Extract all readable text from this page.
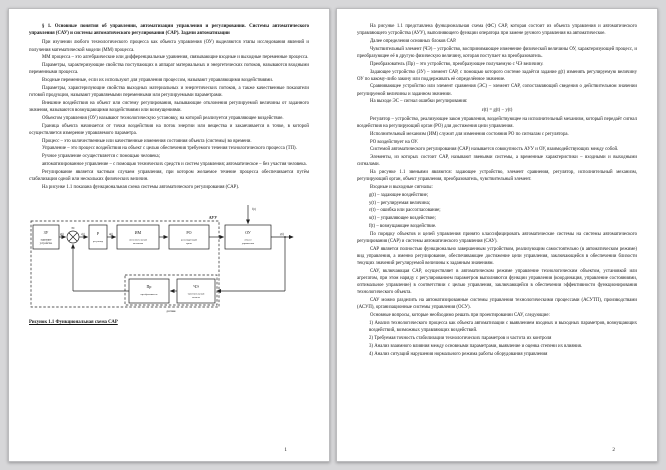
§ 1. Основные понятия об управлении, автоматизации управления и регулировании. Системы автоматического управления (САУ) и системы автоматического регулирования (САР). Задачи автоматизации
При изучении любого технологического процесса как объекта управления (ОУ) выделяются этапы исследования явлений и получения математической модели (ММ) процесса.
ММ процесса – это алгебраические или дифференциальные уравнения, связывающие входные и выходные переменные процесса.
Параметры, характеризующие свойства поступающих в аппарат материальных и энергетических потоков, называются входными переменными процесса.
Входные переменные, если их используют для управления процессом, называют управляющими воздействиями.
Параметры, характеризующие свойства выходных материальных и энергетических потоков, а также качественные показатели готовой продукции, называют управляемыми переменными или регулируемыми параметрами.
Внешние воздействия на объект или систему регулирования, вызывающие отклонения регулируемой величины от заданного значения, называются возмущающими воздействиями или возмущениями.
Объектом управления (ОУ) называют технологическую установку, на которой реализуется управляющее воздействие.
Граница объекта начинается от точки воздействия на поток энергии или вещества и заканчивается в точке, в которой осуществляется измерение управляемого параметра.
Процесс – это количественные или качественные изменения состояния объекта (системы) во времени.
Управление – это процесс воздействия на объект с целью обеспечения требуемого течения технологического процесса (ТП).
Ручное управление осуществляется с помощью человека;
автоматизированное управление – с помощью технических средств и систем управления; автоматическое – без участия человека.
Регулирование является частным случаем управления, при котором желаемое течение процесса обеспечивается путём стабилизации одной или нескольких физических величин.
На рисунке 1.1 показана функциональная схема системы автоматического регулирования (САР).
АУУ
f(t)
g(t)	ε(t)	u(t)	y(t)
ЗУ
задающее
устройство
ЭС
Р
регулятор
ИМ
исполнительный
механизм
РО
регулирующий
орган
ОУ
объект
управления
Пр
преобразователь
ЧЭ
чувствительный
элемент
датчик
Рисунок 1.1 Функциональная схема САР
1
На рисунке 1.1 представлена функциональная схема (ФС) САР, которая состоит из объекта управления и автоматического управляющего устройства (АУУ), выполняющего функции оператора при замене ручного управления на автоматическое.
Далее определения основных блоков САР.
Чувствительный элемент (ЧЭ) – устройство, воспринимающее изменение физической величины ОУ, характеризующей процесс, и преобразующее её в другую физическую величину, которая поступает на преобразователь.
Преобразователь (Пр) – это устройство, преобразующее получаемую с ЧЭ величину.
Задающее устройство (ЗУ) – элемент САР, с помощью которого системе задаётся задание g(t) изменять регулируемую величину ОУ по какому-либо закону или поддерживать её определённое значение.
Сравнивающее устройство или элемент сравнения (ЭС) – элемент САР, сопоставляющий сведения о действительном значении регулируемой величины и заданном значении.
На выходе ЭС – сигнал ошибки регулирования:
ε(t) = g(t) − y(t)
Регулятор – устройство, реализующее закон управления, воздействующее на исполнительный механизм, который передаёт сигнал воздействия на регулирующий орган (РО) для достижения цели управления.
Исполнительный механизм (ИМ) служит для изменения состояния РО по сигналам с регулятора.
РО воздействует на ОУ.
Системой автоматического регулирования (САР) называется совокупность АУУ и ОУ, взаимодействующих между собой.
Элементы, из которых состоит САР, называют звеньями системы, а временные характеристики – входными и выходными сигналами.
На рисунке 1.1 звеньями являются: задающее устройство, элемент сравнения, регулятор, исполнительный механизм, регулирующий орган, объект управления, преобразователь, чувствительный элемент.
Входные и выходные сигналы:
g(t) – задающее воздействие;
y(t) – регулируемая величина;
ε(t) – ошибка или рассогласование;
u(t) – управляющее воздействие;
f(t) – возмущающее воздействие.
По порядку объектов и целей управления принято классифицировать автоматические системы на системы автоматического регулирования (САР) и системы автоматического управления (САУ).
САР является полностью функционально завершенным устройством, реализующим самостоятельно (в автоматическом режиме) вид управления, а именно регулирование, обеспечивающее достижение цели управления, заключающейся в обеспечении близости текущих значений регулируемой величины к заданным значениям.
САУ, включающая САР, осуществляет в автоматическом режиме управление технологическим объектом, установкой или агрегатом, при этом наряду с регулированием параметров выполняются функции управления (координация, управление состояниями, оптимальное управление) в соответствии с целью управления, заключающейся в обеспечении эффективности функционирования технологического объекта.
САУ можно разделить на автоматизированные системы управления технологическими процессами (АСУТП), производствами (АСУП), организационные системы управления (ОСУ).
Основные вопросы, которые необходимо решать при проектировании САУ, следующие:
1) Анализ технологического процесса как объекта автоматизации с выявлением входных и выходных параметров, возмущающих воздействий, возможных управляющих воздействий.
2) Требуемая точность стабилизации технологических параметров и частота их контроля
3) Анализ взаимного влияния между основными параметрами, выявление и оценка степени их влияния.
4) Анализ ситуаций нарушения нормального режима работы оборудования управления
2
